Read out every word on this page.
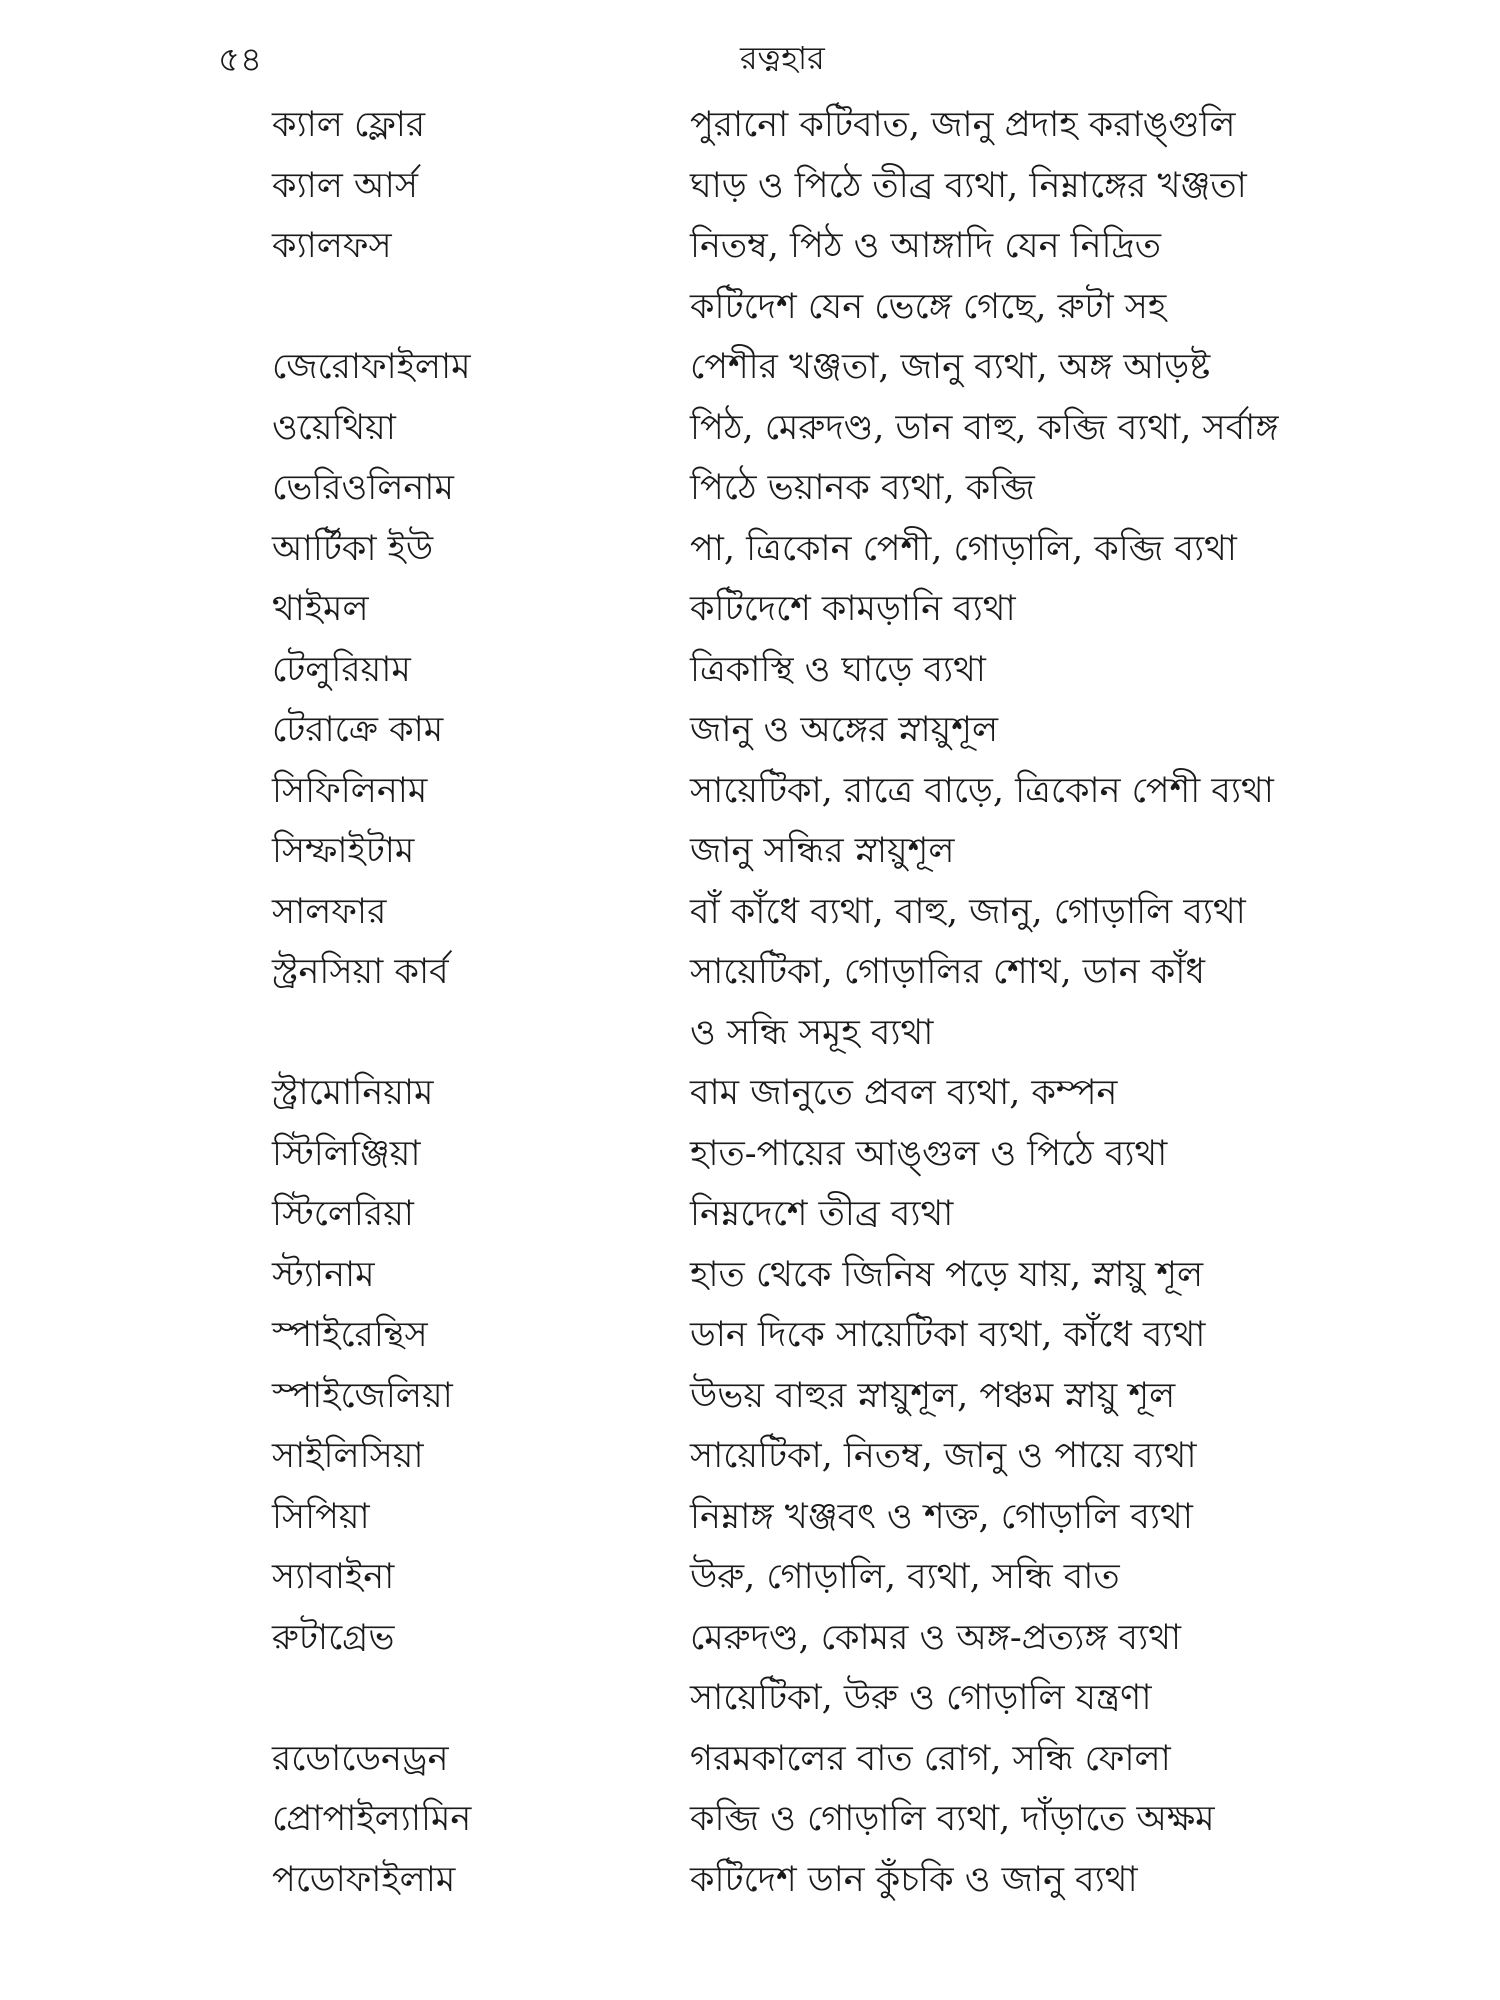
৫৪	রত্নহার
ক্যাল ফ্লোর	পুরানো কটিবাত, জানু প্রদাহ করাঙ্গুলি
ক্যাল আর্স	ঘাড় ও পিঠে তীব্র ব্যথা, নিম্নাঙ্গের খঞ্জতা
ক্যালফস	নিতম্ব, পিঠ ও আঙ্গাদি যেন নিদ্রিত
কটিদেশ যেন ভেঙ্গে গেছে, রুটা সহ
জেরোফাইলাম	পেশীর খঞ্জতা, জানু ব্যথা, অঙ্গ আড়ষ্ট
ওয়েথিয়া	পিঠ, মেরুদণ্ড, ডান বাহু, কব্জি ব্যথা, সর্বাঙ্গ
ভেরিওলিনাম	পিঠে ভয়ানক ব্যথা, কব্জি
আর্টিকা ইউ	পা, ত্রিকোন পেশী, গোড়ালি, কব্জি ব্যথা
থাইমল	কটিদেশে কামড়ানি ব্যথা
টেলুরিয়াম	ত্রিকাস্থি ও ঘাড়ে ব্যথা
টেরাক্রে কাম	জানু ও অঙ্গের স্নায়ুশূল
সিফিলিনাম	সায়েটিকা, রাত্রে বাড়ে, ত্রিকোন পেশী ব্যথা
সিম্ফাইটাম	জানু সন্ধির স্নায়ুশূল
সালফার	বাঁ কাঁধে ব্যথা, বাহু, জানু, গোড়ালি ব্যথা
স্ট্রনসিয়া কার্ব	সায়েটিকা, গোড়ালির শোথ, ডান কাঁধ
ও সন্ধি সমূহ ব্যথা
স্ট্রামোনিয়াম	বাম জানুতে প্রবল ব্যথা, কম্পন
স্টিলিঞ্জিয়া	হাত-পায়ের আঙ্গুল ও পিঠে ব্যথা
স্টিলেরিয়া	নিম্নদেশে তীব্র ব্যথা
স্ট্যানাম	হাত থেকে জিনিষ পড়ে যায়, স্নায়ু শূল
স্পাইরেন্থিস	ডান দিকে সায়েটিকা ব্যথা, কাঁধে ব্যথা
স্পাইজেলিয়া	উভয় বাহুর স্নায়ুশূল, পঞ্চম স্নায়ু শূল
সাইলিসিয়া	সায়েটিকা, নিতম্ব, জানু ও পায়ে ব্যথা
সিপিয়া	নিম্নাঙ্গ খঞ্জবৎ ও শক্ত, গোড়ালি ব্যথা
স্যাবাইনা	উরু, গোড়ালি, ব্যথা, সন্ধি বাত
রুটাগ্রেভ	মেরুদণ্ড, কোমর ও অঙ্গ-প্রত্যঙ্গ ব্যথা
সায়েটিকা, উরু ও গোড়ালি যন্ত্রণা
রডোডেনড্রন	গরমকালের বাত রোগ, সন্ধি ফোলা
প্রোপাইল্যামিন	কব্জি ও গোড়ালি ব্যথা, দাঁড়াতে অক্ষম
পডোফাইলাম	কটিদেশ ডান কুঁচকি ও জানু ব্যথা
